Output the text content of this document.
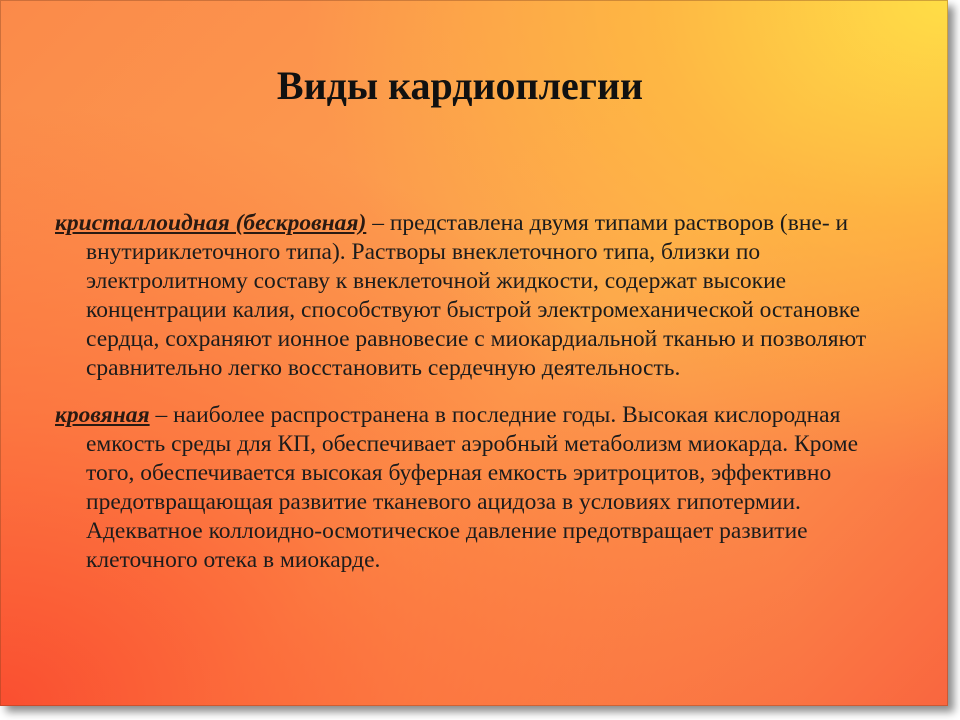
Виды кардиоплегии

кристаллоидная (бескровная) – представлена двумя типами растворов (вне- и внутириклеточного типа). Растворы внеклеточного типа, близки по электролитному составу к внеклеточной жидкости, содержат высокие концентрации калия, способствуют быстрой электромеханической остановке сердца, сохраняют ионное равновесие с миокардиальной тканью и позволяют сравнительно легко восстановить сердечную деятельность.

кровяная – наиболее распространена в последние годы. Высокая кислородная емкость среды для КП, обеспечивает аэробный метаболизм миокарда. Кроме того, обеспечивается высокая буферная емкость эритроцитов, эффективно предотвращающая развитие тканевого ацидоза в условиях гипотермии. Адекватное коллоидно-осмотическое давление предотвращает развитие клеточного отека в миокарде.
